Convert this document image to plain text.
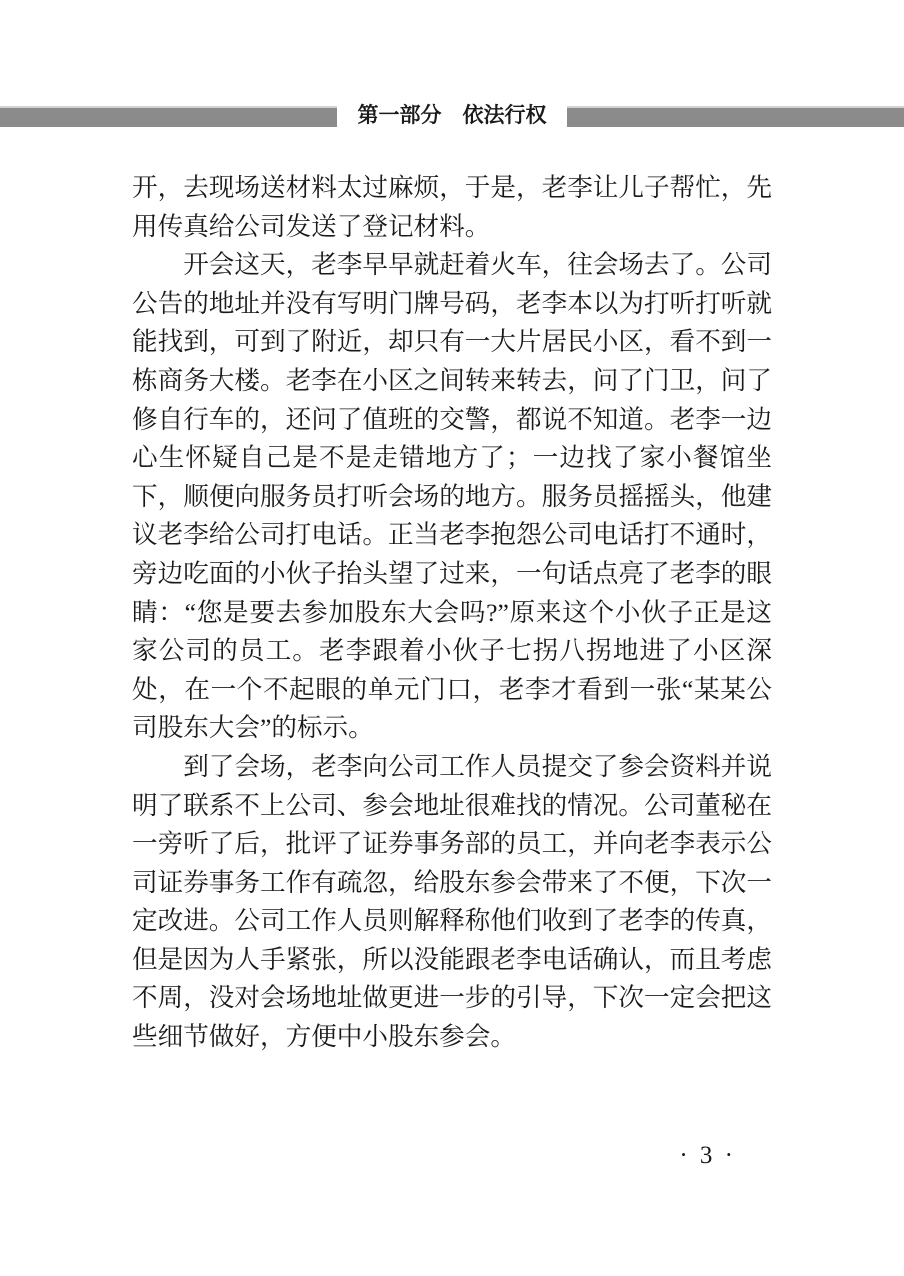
第一部分　依法行权

开，去现场送材料太过麻烦，于是，老李让儿子帮忙，先用传真给公司发送了登记材料。

开会这天，老李早早就赶着火车，往会场去了。公司公告的地址并没有写明门牌号码，老李本以为打听打听就能找到，可到了附近，却只有一大片居民小区，看不到一栋商务大楼。老李在小区之间转来转去，问了门卫，问了修自行车的，还问了值班的交警，都说不知道。老李一边心生怀疑自己是不是走错地方了；一边找了家小餐馆坐下，顺便向服务员打听会场的地方。服务员摇摇头，他建议老李给公司打电话。正当老李抱怨公司电话打不通时，旁边吃面的小伙子抬头望了过来，一句话点亮了老李的眼睛：“您是要去参加股东大会吗?”原来这个小伙子正是这家公司的员工。老李跟着小伙子七拐八拐地进了小区深处，在一个不起眼的单元门口，老李才看到一张“某某公司股东大会”的标示。

到了会场，老李向公司工作人员提交了参会资料并说明了联系不上公司、参会地址很难找的情况。公司董秘在一旁听了后，批评了证券事务部的员工，并向老李表示公司证券事务工作有疏忽，给股东参会带来了不便，下次一定改进。公司工作人员则解释称他们收到了老李的传真，但是因为人手紧张，所以没能跟老李电话确认，而且考虑不周，没对会场地址做更进一步的引导，下次一定会把这些细节做好，方便中小股东参会。

· 3 ·
